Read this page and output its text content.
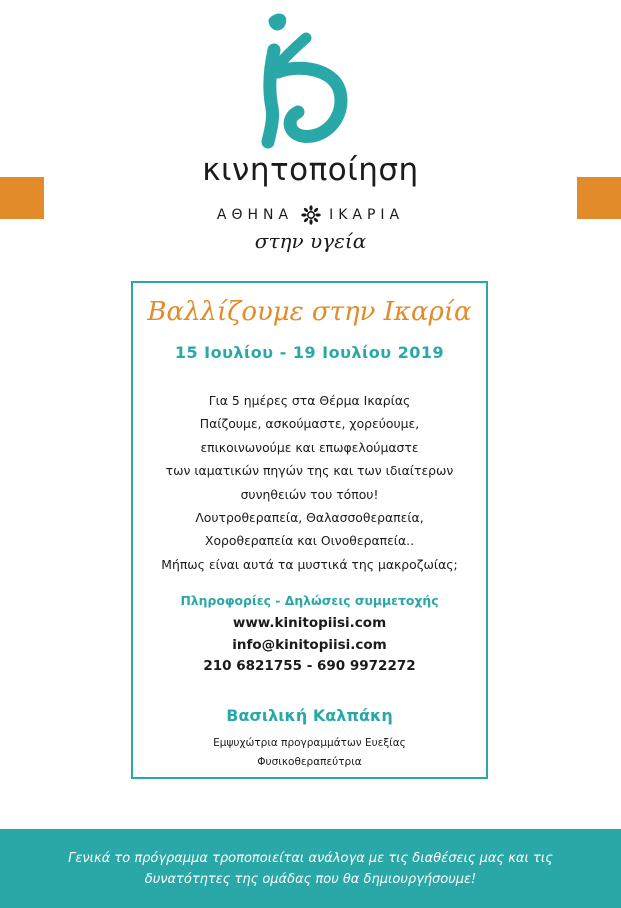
κινητοποίηση
ΑΘΗΝΑ	ΙΚΑΡΙΑ
στην υγεία
Βαλλίζουμε στην Ικαρία
15 Ιουλίου - 19 Ιουλίου 2019
Για 5 ημέρες στα Θέρμα Ικαρίας
Παίζουμε, ασκούμαστε, χορεύουμε,
επικοινωνούμε και επωφελούμαστε
των ιαματικών πηγών της και των ιδιαίτερων
συνηθειών του τόπου!
Λουτροθεραπεία, Θαλασσοθεραπεία,
Χοροθεραπεία και Οινοθεραπεία..
Μήπως είναι αυτά τα μυστικά της μακροζωίας;
Πληροφορίες - Δηλώσεις συμμετοχής
www.kinitopiisi.com
info@kinitopiisi.com
210 6821755 - 690 9972272
Βασιλική Καλπάκη
Εμψυχώτρια προγραμμάτων Ευεξίας
Φυσικοθεραπεύτρια
Γενικά το πρόγραμμα τροποποιείται ανάλογα με τις διαθέσεις μας και τις
δυνατότητες της ομάδας που θα δημιουργήσουμε!
